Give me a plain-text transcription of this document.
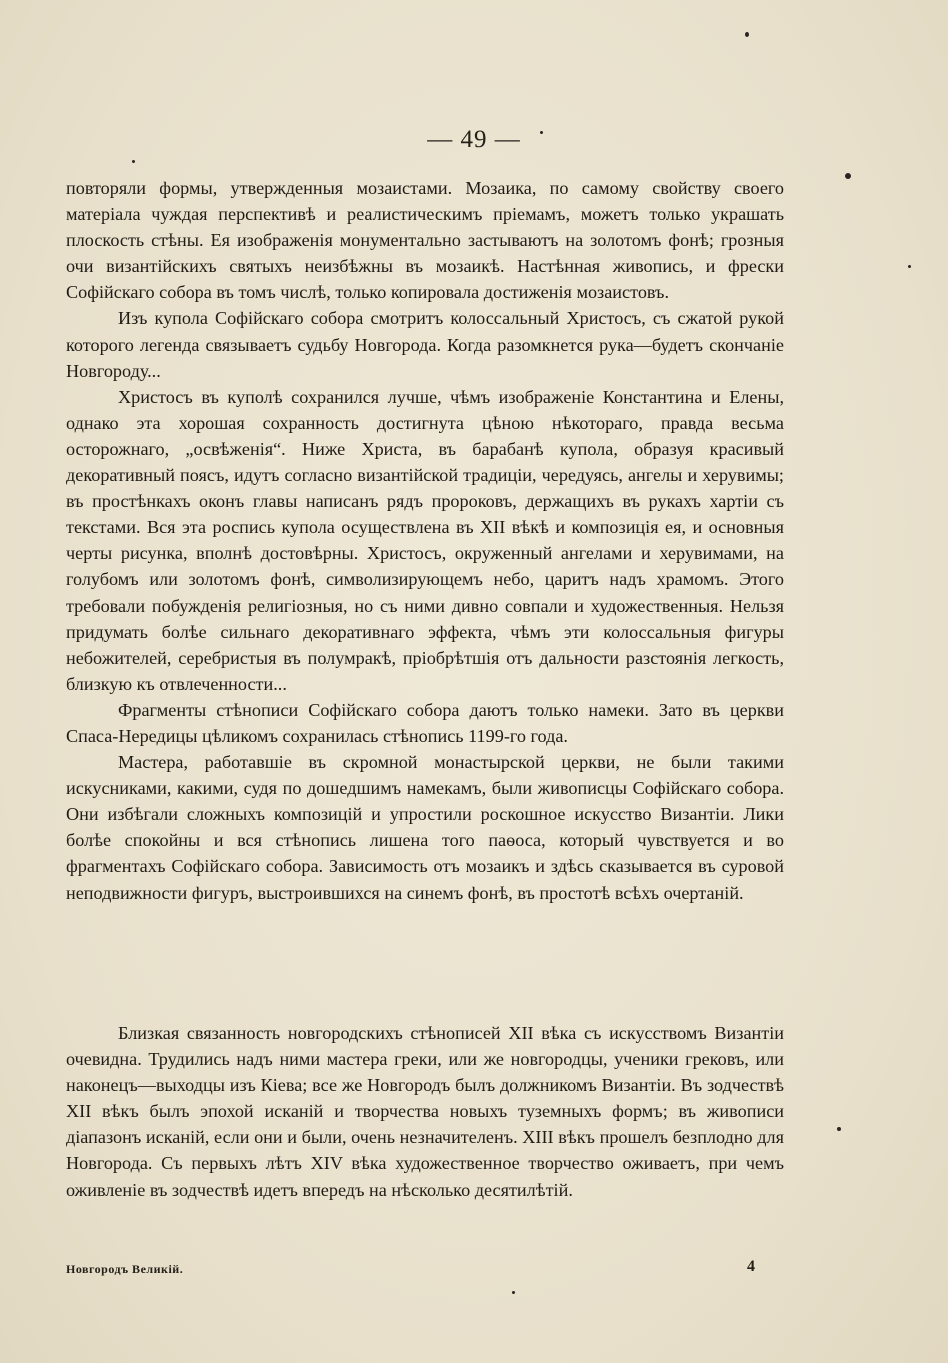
— 49 —

повторяли формы, утвержденныя мозаистами. Мозаика, по самому свойству своего матеріала чуждая перспективѣ и реалистическимъ пріемамъ, можетъ только украшать плоскость стѣны. Ея изображенія монументально застываютъ на золотомъ фонѣ; грозныя очи византійскихъ святыхъ неизбѣжны въ мозаикѣ. Настѣнная живопись, и фрески Софійскаго собора въ томъ числѣ, только копировала достиженія мозаистовъ.

Изъ купола Софійскаго собора смотритъ колоссальный Христосъ, съ сжатой рукой которого легенда связываетъ судьбу Новгорода. Когда разомкнется рука—будетъ скончаніе Новгороду...

Христосъ въ куполѣ сохранился лучше, чѣмъ изображеніе Константина и Елены, однако эта хорошая сохранность достигнута цѣною нѣкотораго, правда весьма осторожнаго, „освѣженія“. Ниже Христа, въ барабанѣ купола, образуя красивый декоративный поясъ, идутъ согласно византійской традиціи, чередуясь, ангелы и херувимы; въ простѣнкахъ оконъ главы написанъ рядъ пророковъ, держащихъ въ рукахъ хартіи съ текстами. Вся эта роспись купола осуществлена въ XII вѣкѣ и композиція ея, и основныя черты рисунка, вполнѣ достовѣрны. Христосъ, окруженный ангелами и херувимами, на голубомъ или золотомъ фонѣ, символизирующемъ небо, царитъ надъ храмомъ. Этого требовали побужденія религіозныя, но съ ними дивно совпали и художественныя. Нельзя придумать болѣе сильнаго декоративнаго эффекта, чѣмъ эти колоссальныя фигуры небожителей, серебристыя въ полумракѣ, пріобрѣтшія отъ дальности разстоянія легкость, близкую къ отвлеченности...

Фрагменты стѣнописи Софійскаго собора даютъ только намеки. Зато въ церкви Спаса-Нередицы цѣликомъ сохранилась стѣнопись 1199-го года.

Мастера, работавшіе въ скромной монастырской церкви, не были такими искусниками, какими, судя по дошедшимъ намекамъ, были живописцы Софійскаго собора. Они избѣгали сложныхъ композицій и упростили роскошное искусство Византіи. Лики болѣе спокойны и вся стѣнопись лишена того паѳоса, который чувствуется и во фрагментахъ Софійскаго собора. Зависимость отъ мозаикъ и здѣсь сказывается въ суровой неподвижности фигуръ, выстроившихся на синемъ фонѣ, въ простотѣ всѣхъ очертаній.

Близкая связанность новгородскихъ стѣнописей XII вѣка съ искусствомъ Византіи очевидна. Трудились надъ ними мастера греки, или же новгородцы, ученики грековъ, или наконецъ—выходцы изъ Кіева; все же Новгородъ былъ должникомъ Византіи. Въ зодчествѣ XII вѣкъ былъ эпохой исканій и творчества новыхъ туземныхъ формъ; въ живописи діапазонъ исканій, если они и были, очень незначителенъ. XIII вѣкъ прошелъ безплодно для Новгорода. Съ первыхъ лѣтъ XIV вѣка художественное творчество оживаетъ, при чемъ оживленіе въ зодчествѣ идетъ впередъ на нѣсколько десятилѣтій.

Новгородъ Великій.	4
